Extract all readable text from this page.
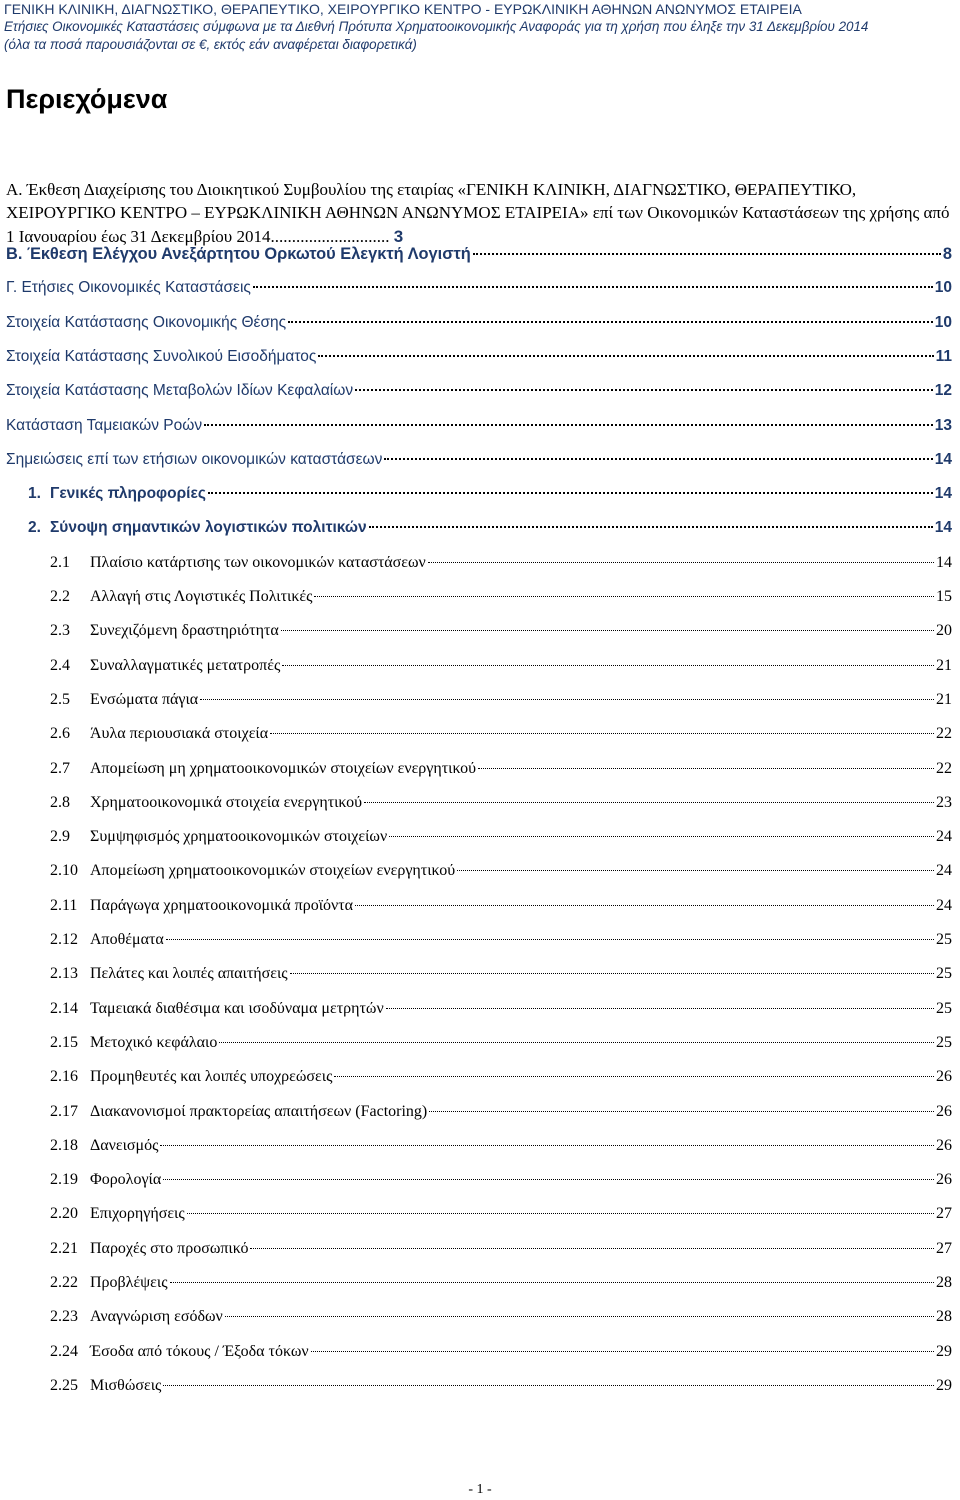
ΓΕΝΙΚΗ ΚΛΙΝΙΚΗ, ΔΙΑΓΝΩΣΤΙΚΟ, ΘΕΡΑΠΕΥΤΙΚΟ, ΧΕΙΡΟΥΡΓΙΚΟ ΚΕΝΤΡΟ - ΕΥΡΩΚΛΙΝΙΚΗ ΑΘΗΝΩΝ ΑΝΩΝΥΜΟΣ ΕΤΑΙΡΕΙΑ
Ετήσιες Οικονομικές Καταστάσεις σύμφωνα με τα Διεθνή Πρότυπα Χρηματοοικονομικής Αναφοράς για τη χρήση που έληξε την 31 Δεκεμβρίου 2014
(όλα τα ποσά παρουσιάζονται σε €, εκτός εάν αναφέρεται διαφορετικά)
Περιεχόμενα
Α. Έκθεση Διαχείρισης του Διοικητικού Συμβουλίου της εταιρίας «ΓΕΝΙΚΗ ΚΛΙΝΙΚΗ, ΔΙΑΓΝΩΣΤΙΚΟ, ΘΕΡΑΠΕΥΤΙΚΟ, ΧΕΙΡΟΥΡΓΙΚΟ ΚΕΝΤΡΟ – ΕΥΡΩΚΛΙΝΙΚΗ ΑΘΗΝΩΝ ΑΝΩΝΥΜΟΣ ΕΤΑΙΡΕΙΑ» επί των Οικονομικών Καταστάσεων της χρήσης από 1 Ιανουαρίου έως 31 Δεκεμβρίου 2014............................ 3
Β. Έκθεση Ελέγχου Ανεξάρτητου Ορκωτού Ελεγκτή Λογιστή	8
Γ. Ετήσιες Οικονομικές Καταστάσεις	10
Στοιχεία Κατάστασης Οικονομικής Θέσης	10
Στοιχεία Κατάστασης Συνολικού Εισοδήματος	11
Στοιχεία Κατάστασης Μεταβολών Ιδίων Κεφαλαίων	12
Κατάσταση Ταμειακών Ροών	13
Σημειώσεις επί των ετήσιων οικονομικών καταστάσεων	14
1. Γενικές πληροφορίες	14
2. Σύνοψη σημαντικών λογιστικών πολιτικών	14
2.1	Πλαίσιο κατάρτισης των οικονομικών καταστάσεων	14
2.2	Αλλαγή στις Λογιστικές Πολιτικές	15
2.3	Συνεχιζόμενη δραστηριότητα	20
2.4	Συναλλαγματικές μετατροπές	21
2.5	Ενσώματα πάγια	21
2.6	Άυλα περιουσιακά στοιχεία	22
2.7	Απομείωση μη χρηματοοικονομικών στοιχείων ενεργητικού	22
2.8	Χρηματοοικονομικά στοιχεία ενεργητικού	23
2.9	Συμψηφισμός χρηματοοικονομικών στοιχείων	24
2.10 Απομείωση χρηματοοικονομικών στοιχείων ενεργητικού	24
2.11 Παράγωγα χρηματοοικονομικά προϊόντα	24
2.12 Αποθέματα	25
2.13 Πελάτες και λοιπές απαιτήσεις	25
2.14 Ταμειακά διαθέσιμα και ισοδύναμα μετρητών	25
2.15 Μετοχικό κεφάλαιο	25
2.16 Προμηθευτές και λοιπές υποχρεώσεις	26
2.17 Διακανονισμοί πρακτορείας απαιτήσεων (Factoring)	26
2.18 Δανεισμός	26
2.19 Φορολογία	26
2.20 Επιχορηγήσεις	27
2.21 Παροχές στο προσωπικό	27
2.22 Προβλέψεις	28
2.23 Αναγνώριση εσόδων	28
2.24 Έσοδα από τόκους / Έξοδα τόκων	29
2.25 Μισθώσεις	29
- 1 -
